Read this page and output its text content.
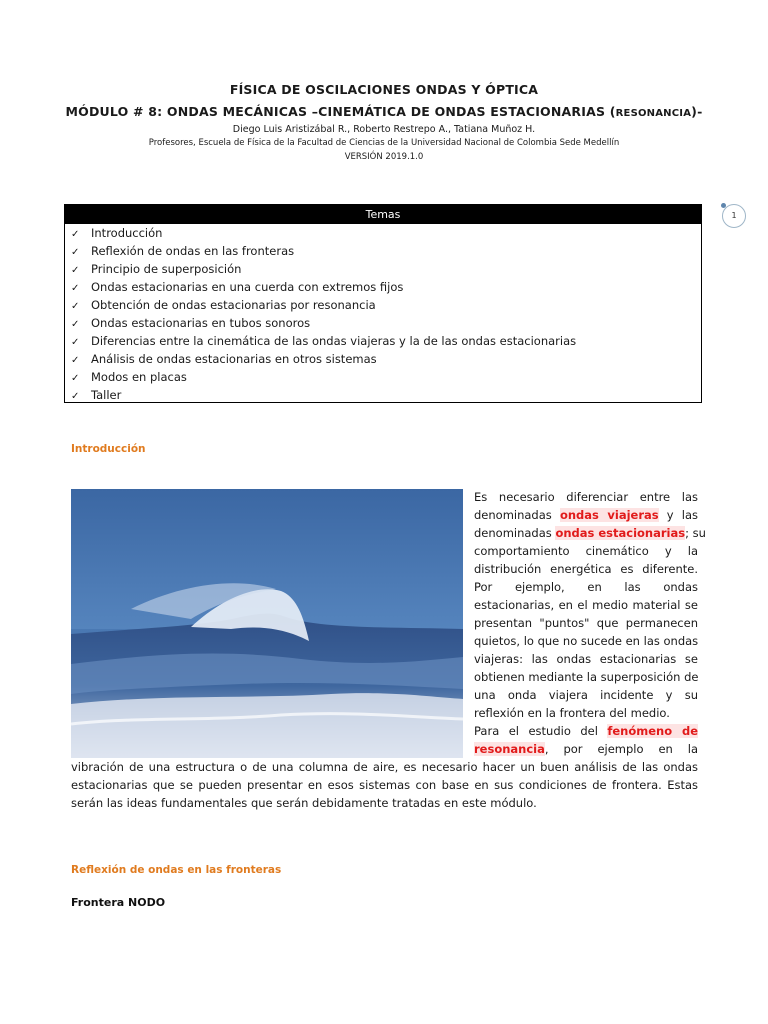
FÍSICA DE OSCILACIONES ONDAS Y ÓPTICA
MÓDULO # 8: ONDAS MECÁNICAS –CINEMÁTICA DE ONDAS ESTACIONARIAS (RESONANCIA)-
Diego Luis Aristizábal R., Roberto Restrepo A., Tatiana Muñoz H.
Profesores, Escuela de Física de la Facultad de Ciencias de la Universidad Nacional de Colombia Sede Medellín
VERSIÓN 2019.1.0
1
Temas
✓ Introducción
✓ Reflexión de ondas en las fronteras
✓ Principio de superposición
✓ Ondas estacionarias en una cuerda con extremos fijos
✓ Obtención de ondas estacionarias por resonancia
✓ Ondas estacionarias en tubos sonoros
✓ Diferencias entre la cinemática de las ondas viajeras y la de las ondas estacionarias
✓ Análisis de ondas estacionarias en otros sistemas
✓ Modos en placas
✓ Taller
Introducción
Es necesario diferenciar entre las
denominadas ondas viajeras y las
denominadas ondas estacionarias; su
comportamiento cinemático y la
distribución energética es diferente.
Por ejemplo, en las ondas
estacionarias, en el medio material se
presentan "puntos" que permanecen
quietos, lo que no sucede en las ondas
viajeras: las ondas estacionarias se
obtienen mediante la superposición de
una onda viajera incidente y su
reflexión en la frontera del medio.
Para el estudio del fenómeno de
resonancia, por ejemplo en la
vibración de una estructura o de una columna de aire, es necesario hacer un buen análisis de las ondas
estacionarias que se pueden presentar en esos sistemas con base en sus condiciones de frontera. Estas
serán las ideas fundamentales que serán debidamente tratadas en este módulo.
Reflexión de ondas en las fronteras
Frontera NODO
